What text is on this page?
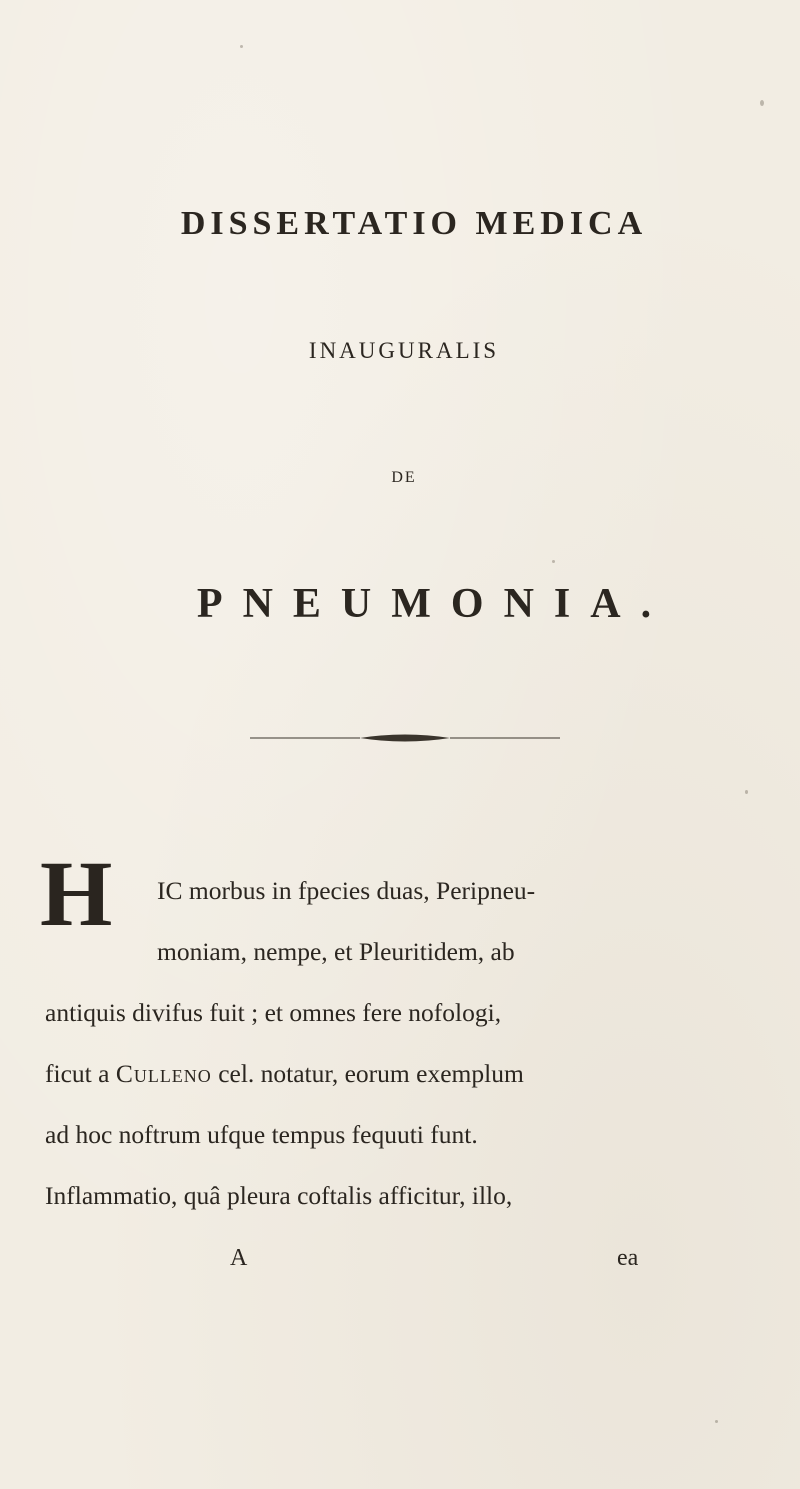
DISSERTATIO MEDICA
INAUGURALIS
DE
PNEUMONIA.
H IC morbus in fpecies duas, Peripneu-
moniam, nempe, et Pleuritidem, ab
antiquis divifus fuit ; et omnes fere nofologi,
ficut a Culleno cel. notatur, eorum exemplum
ad hoc noftrum ufque tempus fequuti funt.
Inflammatio, quâ pleura coftalis afficitur, illo,
A	ea
